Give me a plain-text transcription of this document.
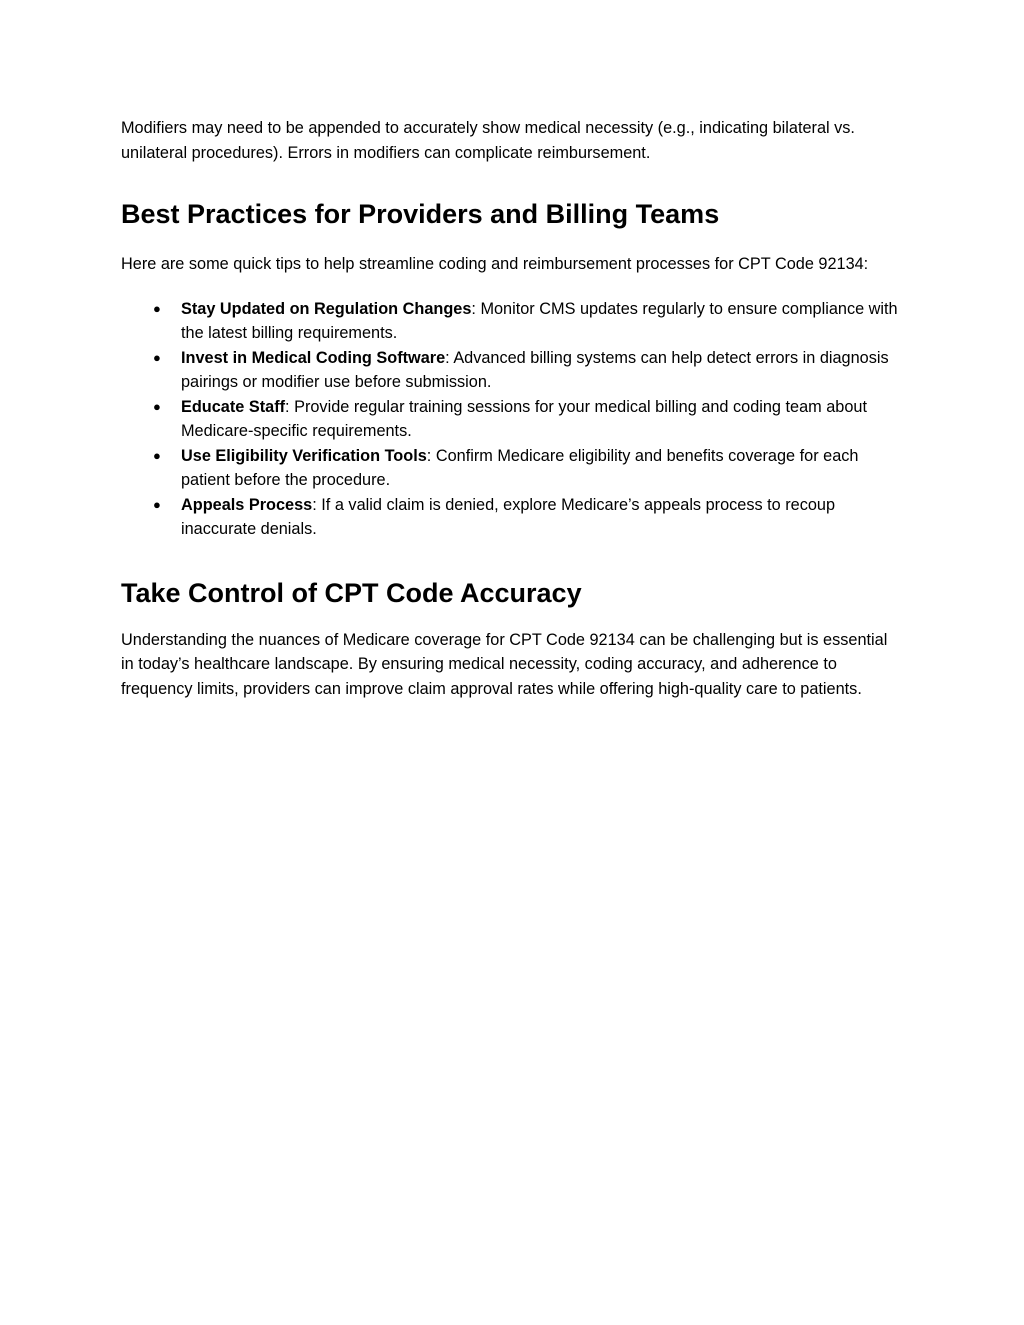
Modifiers may need to be appended to accurately show medical necessity (e.g., indicating bilateral vs. unilateral procedures). Errors in modifiers can complicate reimbursement.

Best Practices for Providers and Billing Teams

Here are some quick tips to help streamline coding and reimbursement processes for CPT Code 92134:

● Stay Updated on Regulation Changes: Monitor CMS updates regularly to ensure compliance with the latest billing requirements.
● Invest in Medical Coding Software: Advanced billing systems can help detect errors in diagnosis pairings or modifier use before submission.
● Educate Staff: Provide regular training sessions for your medical billing and coding team about Medicare-specific requirements.
● Use Eligibility Verification Tools: Confirm Medicare eligibility and benefits coverage for each patient before the procedure.
● Appeals Process: If a valid claim is denied, explore Medicare’s appeals process to recoup inaccurate denials.
Take Control of CPT Code Accuracy

Understanding the nuances of Medicare coverage for CPT Code 92134 can be challenging but is essential in today’s healthcare landscape. By ensuring medical necessity, coding accuracy, and adherence to frequency limits, providers can improve claim approval rates while offering high-quality care to patients.
